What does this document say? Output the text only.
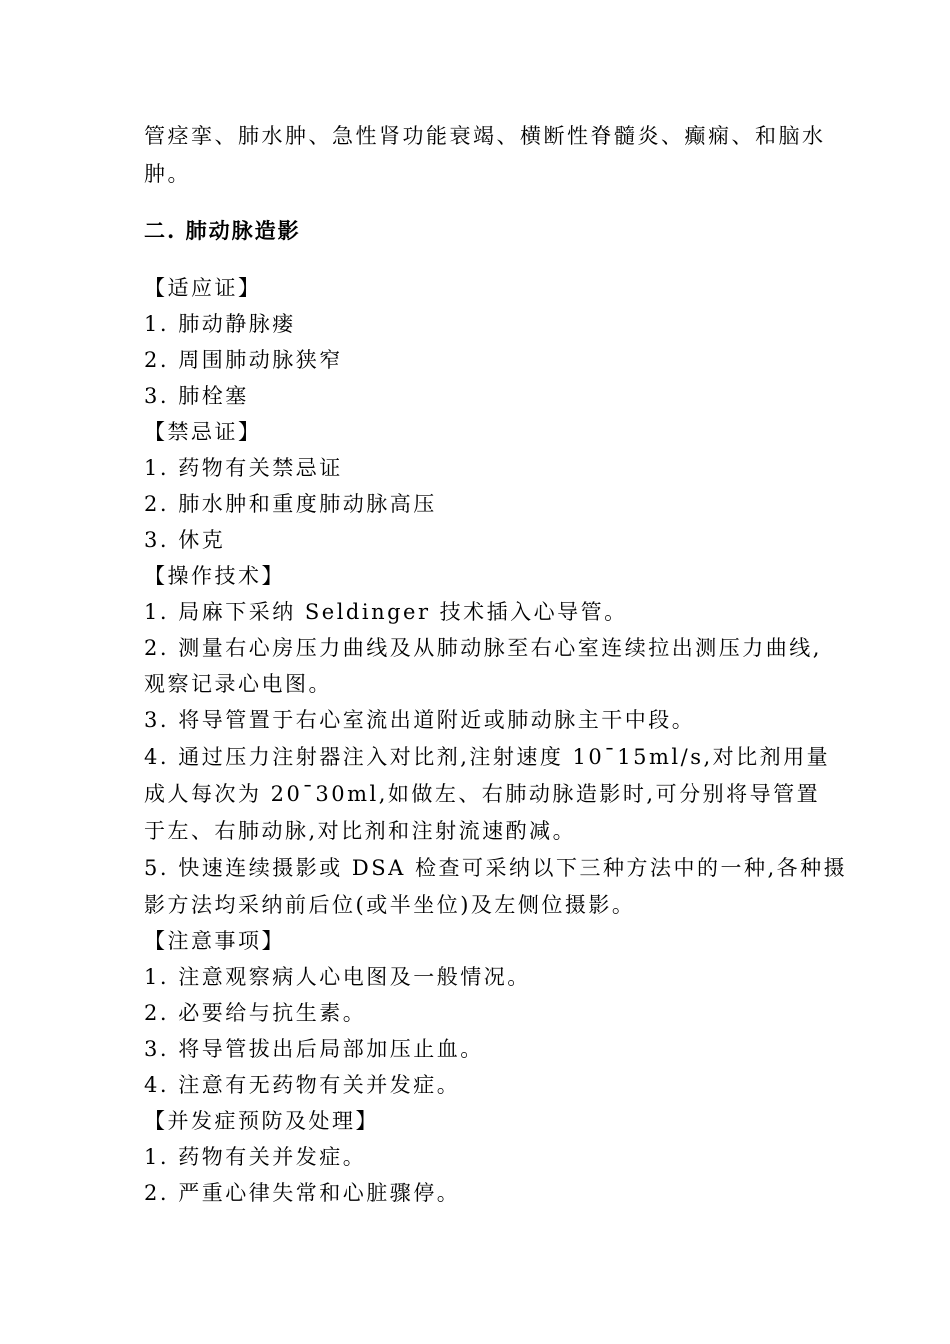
管痉挛、肺水肿、急性肾功能衰竭、横断性脊髓炎、癫痫、和脑水
肿。
二. 肺动脉造影
【适应证】
1. 肺动静脉瘘
2. 周围肺动脉狭窄
3. 肺栓塞
【禁忌证】
1. 药物有关禁忌证
2. 肺水肿和重度肺动脉高压
3. 休克
【操作技术】
1. 局麻下采纳 Seldinger 技术插入心导管。
2. 测量右心房压力曲线及从肺动脉至右心室连续拉出测压力曲线,
观察记录心电图。
3. 将导管置于右心室流出道附近或肺动脉主干中段。
4. 通过压力注射器注入对比剂,注射速度 10¯15ml/s,对比剂用量
成人每次为 20¯30ml,如做左、右肺动脉造影时,可分别将导管置
于左、右肺动脉,对比剂和注射流速酌减。
5. 快速连续摄影或 DSA 检查可采纳以下三种方法中的一种,各种摄
影方法均采纳前后位(或半坐位)及左侧位摄影。
【注意事项】
1. 注意观察病人心电图及一般情况。
2. 必要给与抗生素。
3. 将导管拔出后局部加压止血。
4. 注意有无药物有关并发症。
【并发症预防及处理】
1. 药物有关并发症。
2. 严重心律失常和心脏骤停。
